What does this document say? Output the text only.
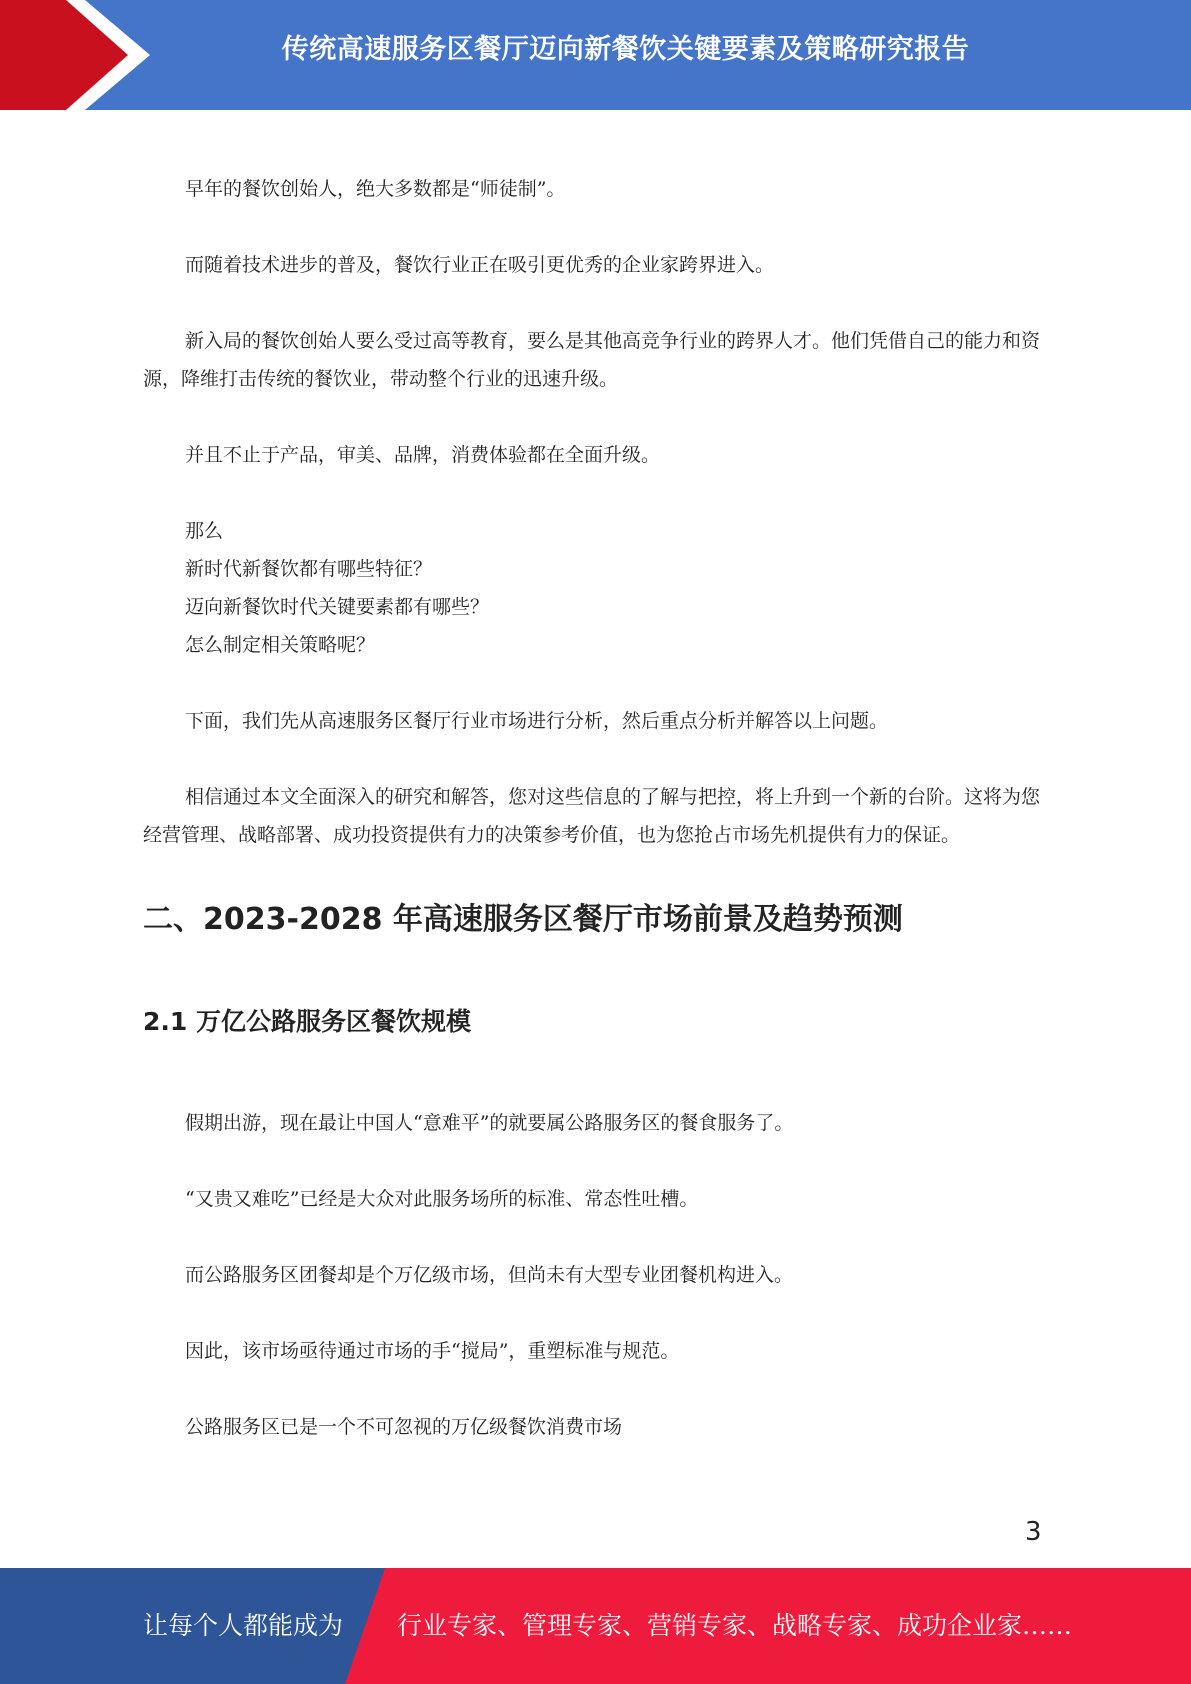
传统高速服务区餐厅迈向新餐饮关键要素及策略研究报告

早年的餐饮创始人，绝大多数都是“师徒制”。

而随着技术进步的普及，餐饮行业正在吸引更优秀的企业家跨界进入。

新入局的餐饮创始人要么受过高等教育，要么是其他高竞争行业的跨界人才。他们凭借自己的能力和资源，降维打击传统的餐饮业，带动整个行业的迅速升级。

并且不止于产品，审美、品牌，消费体验都在全面升级。

那么

新时代新餐饮都有哪些特征？

迈向新餐饮时代关键要素都有哪些？

怎么制定相关策略呢？

下面，我们先从高速服务区餐厅行业市场进行分析，然后重点分析并解答以上问题。

相信通过本文全面深入的研究和解答，您对这些信息的了解与把控，将上升到一个新的台阶。这将为您经营管理、战略部署、成功投资提供有力的决策参考价值，也为您抢占市场先机提供有力的保证。

二、2023-2028 年高速服务区餐厅市场前景及趋势预测
2.1 万亿公路服务区餐饮规模

假期出游，现在最让中国人“意难平”的就要属公路服务区的餐食服务了。

“又贵又难吃”已经是大众对此服务场所的标准、常态性吐槽。

而公路服务区团餐却是个万亿级市场，但尚未有大型专业团餐机构进入。

因此，该市场亟待通过市场的手“搅局”，重塑标准与规范。

公路服务区已是一个不可忽视的万亿级餐饮消费市场

3
让每个人都能成为 行业专家、管理专家、营销专家、战略专家、成功企业家……
